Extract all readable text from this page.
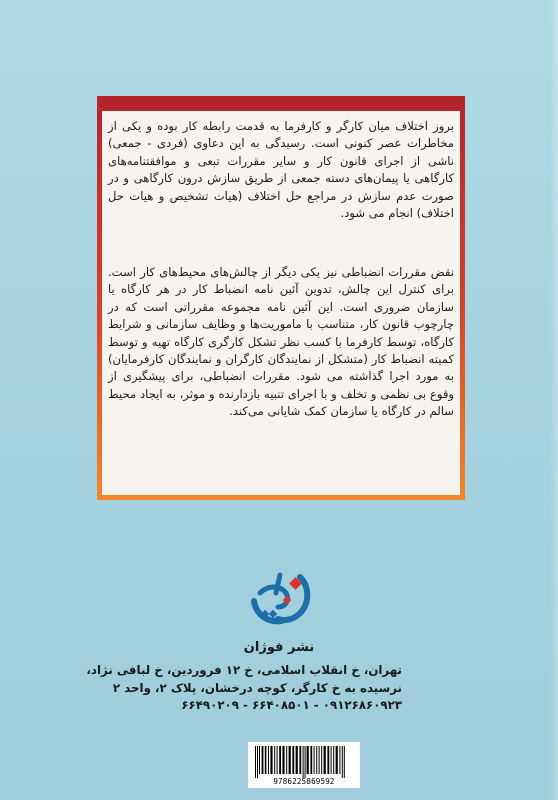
بروز اختلاف میان کارگر و کارفرما به قدمت رابطه کار بوده و یکی از مخاطرات عصر کنونی است. رسیدگی به این دعاوی (فردی - جمعی) ناشی از اجرای قانون کار و سایر مقررات تبعی و موافقتنامه‌های کارگاهی یا پیمان‌های دسته جمعی از طریق سازش درون کارگاهی و در صورت عدم سازش در مراجع حل اختلاف (هیات تشخیص و هیات حل اختلاف) انجام می شود.

نقض مقررات انضباطی نیز یکی دیگر از چالش‌های محیط‌های کار است. برای کنترل این چالش، تدوین آئین نامه انضباط کار در هر کارگاه یا سازمان ضروری است. این آئین نامه مجموعه مقرراتی است که در چارچوب قانون کار، متناسب با ماموریت‌ها و وظایف سازمانی و شرایط کارگاه، توسط کارفرما با کسب نظر تشکل کارگری کارگاه تهیه و توسط کمیته انضباط کار (متشکل از نمایندگان کارگران و نمایندگان کارفرمایان) به مورد اجرا گذاشته می شود. مقررات انضباطی، برای پیشگیری از وقوع بی نظمی و تخلف و با اجرای تنبیه بازدارنده و موثر، به ایجاد محیط سالم در کارگاه یا سازمان کمک شایانی می‌کند.

نشر فوژان
تهران، خ انقلاب اسلامی، خ ۱۲ فروردین، خ لبافی نژاد،
نرسیده به خ کارگر، کوچه درخشان، پلاک ۲، واحد ۲
۰۹۱۲۶۸۶۰۹۲۳ - ۶۶۴۰۸۵۰۱ - ۶۶۴۹۰۲۰۹
9786225869592
